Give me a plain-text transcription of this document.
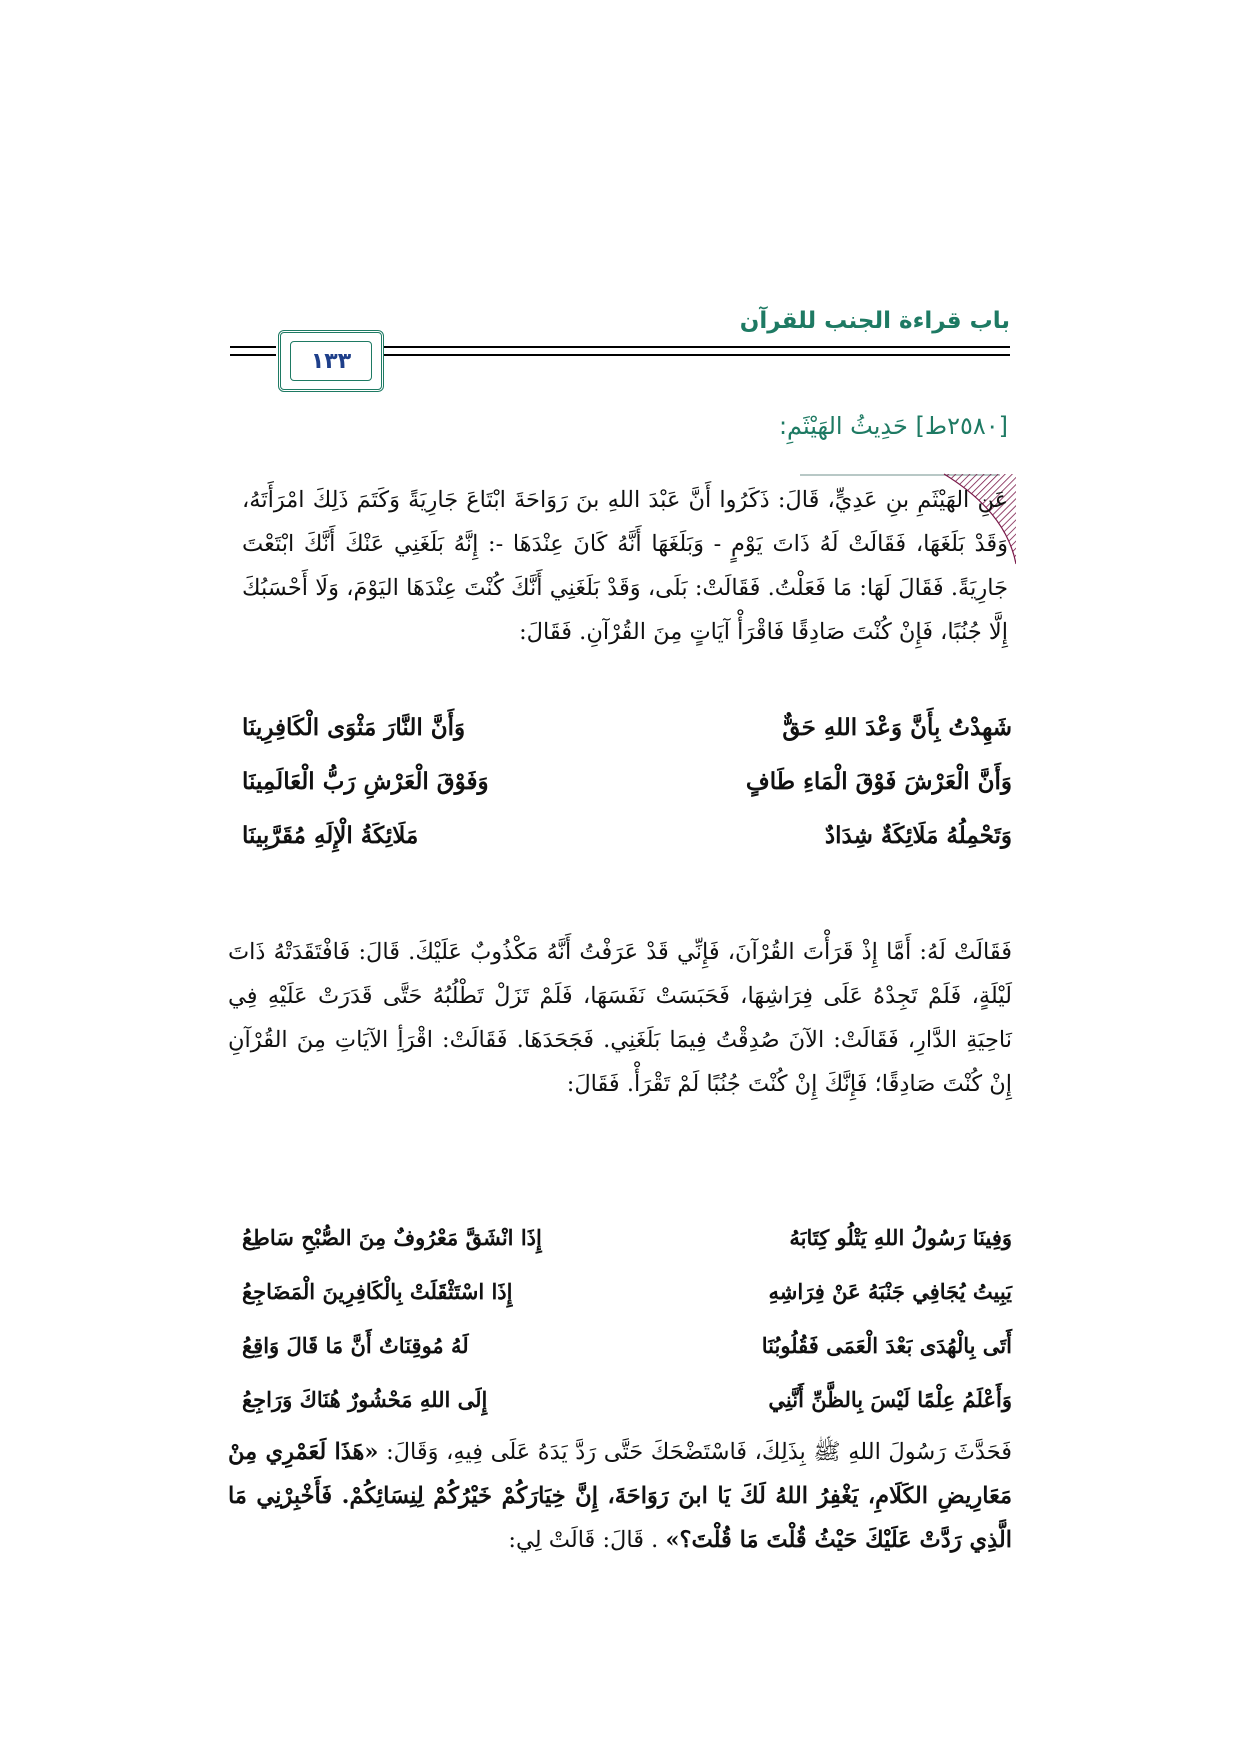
باب قراءة الجنب للقرآن
١٣٣
[٢٥٨٠ط] حَدِيثُ الهَيْثَمِ:
عَنِ الهَيْثَمِ بنِ عَدِيٍّ، قَالَ: ذَكَرُوا أَنَّ عَبْدَ اللهِ بنَ رَوَاحَةَ ابْتَاعَ جَارِيَةً وَكَتَمَ ذَلِكَ امْرَأَتَهُ، وَقَدْ بَلَغَهَا، فَقَالَتْ لَهُ ذَاتَ يَوْمٍ - وَبَلَغَهَا أَنَّهُ كَانَ عِنْدَهَا -: إِنَّهُ بَلَغَنِي عَنْكَ أَنَّكَ ابْتَعْتَ جَارِيَةً. فَقَالَ لَهَا: مَا فَعَلْتُ. فَقَالَتْ: بَلَى، وَقَدْ بَلَغَنِي أَنَّكَ كُنْتَ عِنْدَهَا اليَوْمَ، وَلَا أَحْسَبُكَ إِلَّا جُنُبًا، فَإِنْ كُنْتَ صَادِقًا فَاقْرَأْ آيَاتٍ مِنَ القُرْآنِ. فَقَالَ:
شَهِدْتُ بِأَنَّ وَعْدَ اللهِ حَقٌّ
وَأَنَّ النَّارَ مَثْوَى الْكَافِرِينَا
وَأَنَّ الْعَرْشَ فَوْقَ الْمَاءِ طَافٍ
وَفَوْقَ الْعَرْشِ رَبُّ الْعَالَمِينَا
وَتَحْمِلُهُ مَلَائِكَةٌ شِدَادٌ
مَلَائِكَةُ الْإِلَهِ مُقَرَّبِينَا
فَقَالَتْ لَهُ: أَمَّا إِذْ قَرَأْتَ القُرْآنَ، فَإِنِّي قَدْ عَرَفْتُ أَنَّهُ مَكْذُوبٌ عَلَيْكَ. قَالَ: فَافْتَقَدَتْهُ ذَاتَ لَيْلَةٍ، فَلَمْ تَجِدْهُ عَلَى فِرَاشِهَا، فَحَبَسَتْ نَفَسَهَا، فَلَمْ تَزَلْ تَطْلُبُهُ حَتَّى قَدَرَتْ عَلَيْهِ فِي نَاحِيَةِ الدَّارِ، فَقَالَتْ: الآنَ صُدِقْتُ فِيمَا بَلَغَنِي. فَجَحَدَهَا. فَقَالَتْ: اقْرَأِ الآيَاتِ مِنَ القُرْآنِ إِنْ كُنْتَ صَادِقًا؛ فَإِنَّكَ إِنْ كُنْتَ جُنُبًا لَمْ تَقْرَأْ. فَقَالَ:
وَفِينَا رَسُولُ اللهِ يَتْلُو كِتَابَهُ
إِذَا انْشَقَّ مَعْرُوفٌ مِنَ الصُّبْحِ سَاطِعُ
يَبِيتُ يُجَافِي جَنْبَهُ عَنْ فِرَاشِهِ
إِذَا اسْتَثْقَلَتْ بِالْكَافِرِينَ الْمَضَاجِعُ
أَتَى بِالْهُدَى بَعْدَ الْعَمَى فَقُلُوبُنَا
لَهُ مُوقِنَاتٌ أَنَّ مَا قَالَ وَاقِعُ
وَأَعْلَمُ عِلْمًا لَيْسَ بِالظَّنِّ أَنَّنِي
إِلَى اللهِ مَحْشُورٌ هُنَاكَ وَرَاجِعُ
فَحَدَّثَ رَسُولَ اللهِ ﷺ بِذَلِكَ، فَاسْتَضْحَكَ حَتَّى رَدَّ يَدَهُ عَلَى فِيهِ، وَقَالَ: «هَذَا لَعَمْرِي مِنْ مَعَارِيضِ الكَلَامِ، يَغْفِرُ اللهُ لَكَ يَا ابنَ رَوَاحَةَ، إِنَّ خِيَارَكُمْ خَيْرُكُمْ لِنِسَائِكُمْ. فَأَخْبِرْنِي مَا الَّذِي رَدَّتْ عَلَيْكَ حَيْثُ قُلْتَ مَا قُلْتَ؟» . قَالَ: قَالَتْ لِي:
